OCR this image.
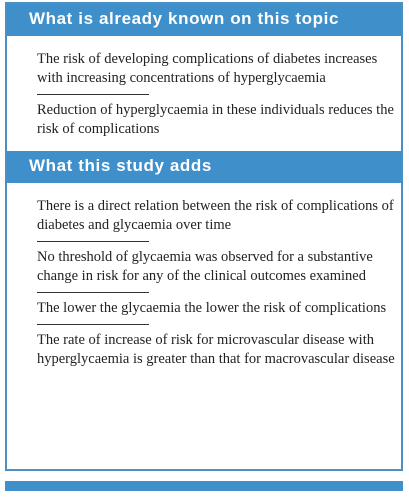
What is already known on this topic
The risk of developing complications of diabetes increases with increasing concentrations of hyperglycaemia
Reduction of hyperglycaemia in these individuals reduces the risk of complications
What this study adds
There is a direct relation between the risk of complications of diabetes and glycaemia over time
No threshold of glycaemia was observed for a substantive change in risk for any of the clinical outcomes examined
The lower the glycaemia the lower the risk of complications
The rate of increase of risk for microvascular disease with hyperglycaemia is greater than that for macrovascular disease
